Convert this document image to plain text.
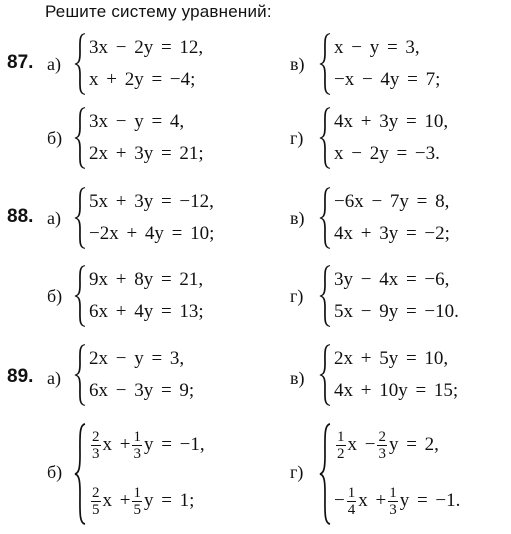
Решите систему уравнений:
87. а)
3x − 2y = 12,
x + 2y = −4;
в)
x − y = 3,
−x − 4y = 7;
б)
3x − y = 4,
2x + 3y = 21;
г)
4x + 3y = 10,
x − 2y = −3.
88. а)
5x + 3y = −12,
−2x + 4y = 10;
в)
−6x − 7y = 8,
4x + 3y = −2;
б)
9x + 8y = 21,
6x + 4y = 13;
г)
3y − 4x = −6,
5x − 9y = −10.
89. а)
2x − y = 3,
6x − 3y = 9;
в)
2x + 5y = 10,
4x + 10y = 15;
б)
$\frac{2}{3}$ x
+ $\frac{1}{3}$ y
= −1,
$\frac{2}{5}$ x
+ $\frac{1}{5}$ y
= 1;
г)
$\frac{1}{2}$ x
− $\frac{2}{3}$ y
= 2,
− $\frac{1}{4}$ x
+ $\frac{1}{3}$ y
= −1.
